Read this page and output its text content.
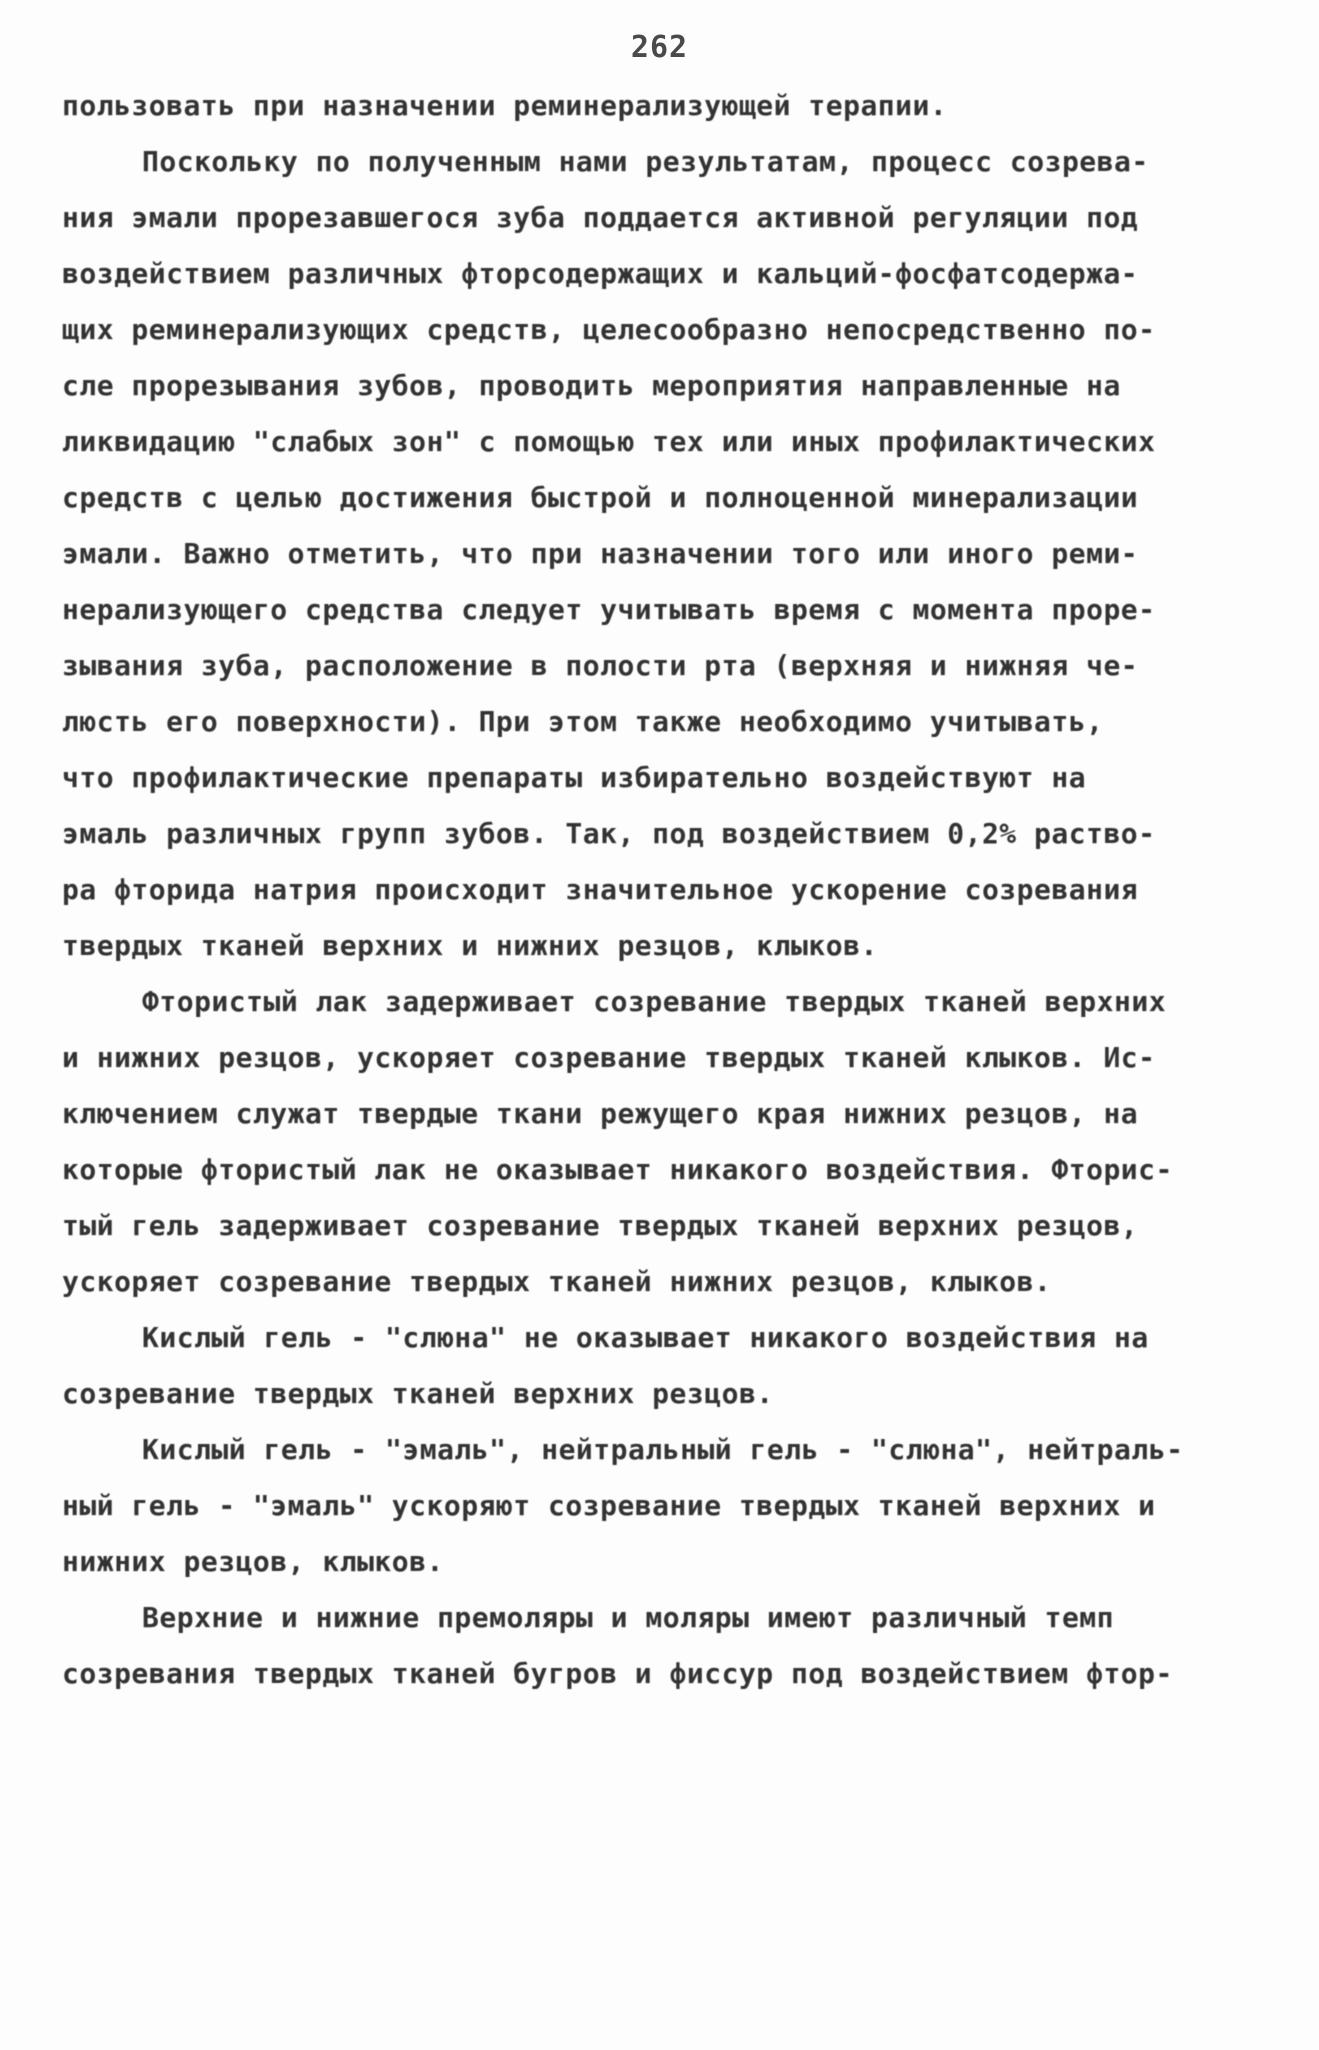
262
пользовать при назначении реминерализующей терапии.
Поскольку по полученным нами результатам, процесс созрева-
ния эмали прорезавшегося зуба поддается активной регуляции под
воздействием различных фторсодержащих и кальций-фосфатсодержа-
щих реминерализующих средств, целесообразно непосредственно по-
сле прорезывания зубов, проводить мероприятия направленные на
ликвидацию "слабых зон" с помощью тех или иных профилактических
средств с целью достижения быстрой и полноценной минерализации
эмали. Важно отметить, что при назначении того или иного реми-
нерализующего средства следует учитывать время с момента проре-
зывания зуба, расположение в полости рта (верхняя и нижняя че-
люсть его поверхности). При этом также необходимо учитывать,
что профилактические препараты избирательно воздействуют на
эмаль различных групп зубов. Так, под воздействием 0,2% раство-
ра фторида натрия происходит значительное ускорение созревания
твердых тканей верхних и нижних резцов, клыков.
Фтористый лак задерживает созревание твердых тканей верхних
и нижних резцов, ускоряет созревание твердых тканей клыков. Ис-
ключением служат твердые ткани режущего края нижних резцов, на
которые фтористый лак не оказывает никакого воздействия. Фторис-
тый гель задерживает созревание твердых тканей верхних резцов,
ускоряет созревание твердых тканей нижних резцов, клыков.
Кислый гель - "слюна" не оказывает никакого воздействия на
созревание твердых тканей верхних резцов.
Кислый гель - "эмаль", нейтральный гель - "слюна", нейтраль-
ный гель - "эмаль" ускоряют созревание твердых тканей верхних и
нижних резцов, клыков.
Верхние и нижние премоляры и моляры имеют различный темп
созревания твердых тканей бугров и фиссур под воздействием фтор-
